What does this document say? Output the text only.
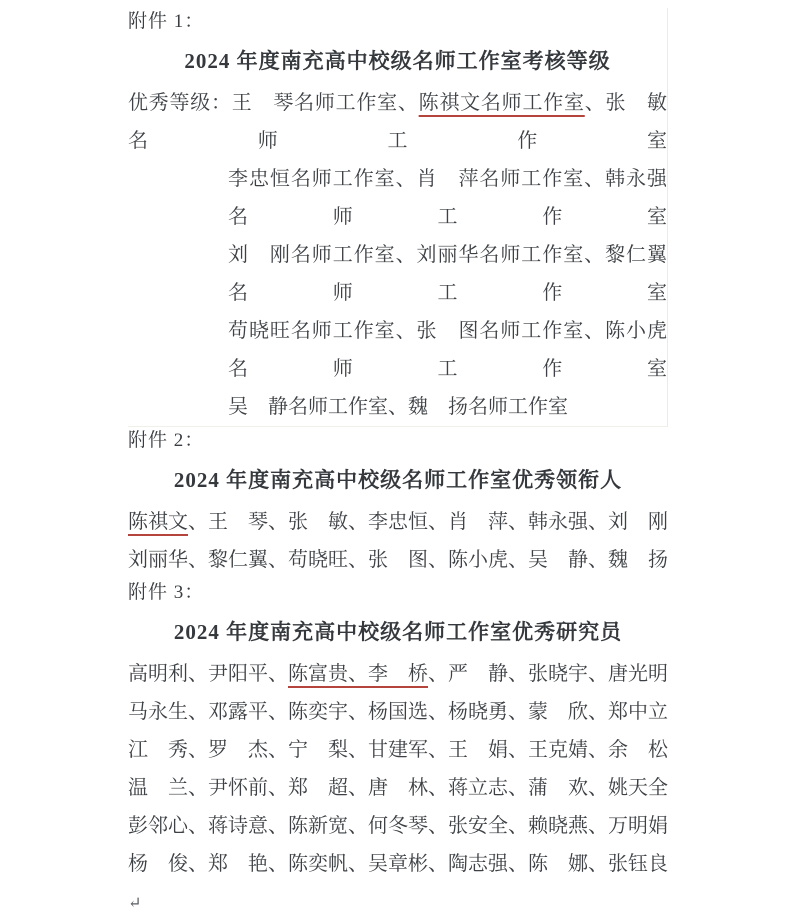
附件 1：

2024 年度南充高中校级名师工作室考核等级

优秀等级：王　琴名师工作室、陈祺文名师工作室、张　敏名师工作室

李忠恒名师工作室、肖　萍名师工作室、韩永强名师工作室

刘　刚名师工作室、刘丽华名师工作室、黎仁翼名师工作室

苟晓旺名师工作室、张　图名师工作室、陈小虎名师工作室

吴　静名师工作室、魏　扬名师工作室

附件 2：

2024 年度南充高中校级名师工作室优秀领衔人

陈祺文、王　琴、张　敏、李忠恒、肖　萍、韩永强、刘　刚

刘丽华、黎仁翼、苟晓旺、张　图、陈小虎、吴　静、魏　扬

附件 3：

2024 年度南充高中校级名师工作室优秀研究员

高明利、尹阳平、陈富贵、李　桥、严　静、张晓宇、唐光明

马永生、邓露平、陈奕宇、杨国选、杨晓勇、蒙　欣、郑中立

江　秀、罗　杰、宁　梨、甘建军、王　娟、王克婧、余　松

温　兰、尹怀前、郑　超、唐　林、蒋立志、蒲　欢、姚天全

彭邻心、蒋诗意、陈新宽、何冬琴、张安全、赖晓燕、万明娟

杨　俊、郑　艳、陈奕帆、吴章彬、陶志强、陈　娜、张钰良↵
